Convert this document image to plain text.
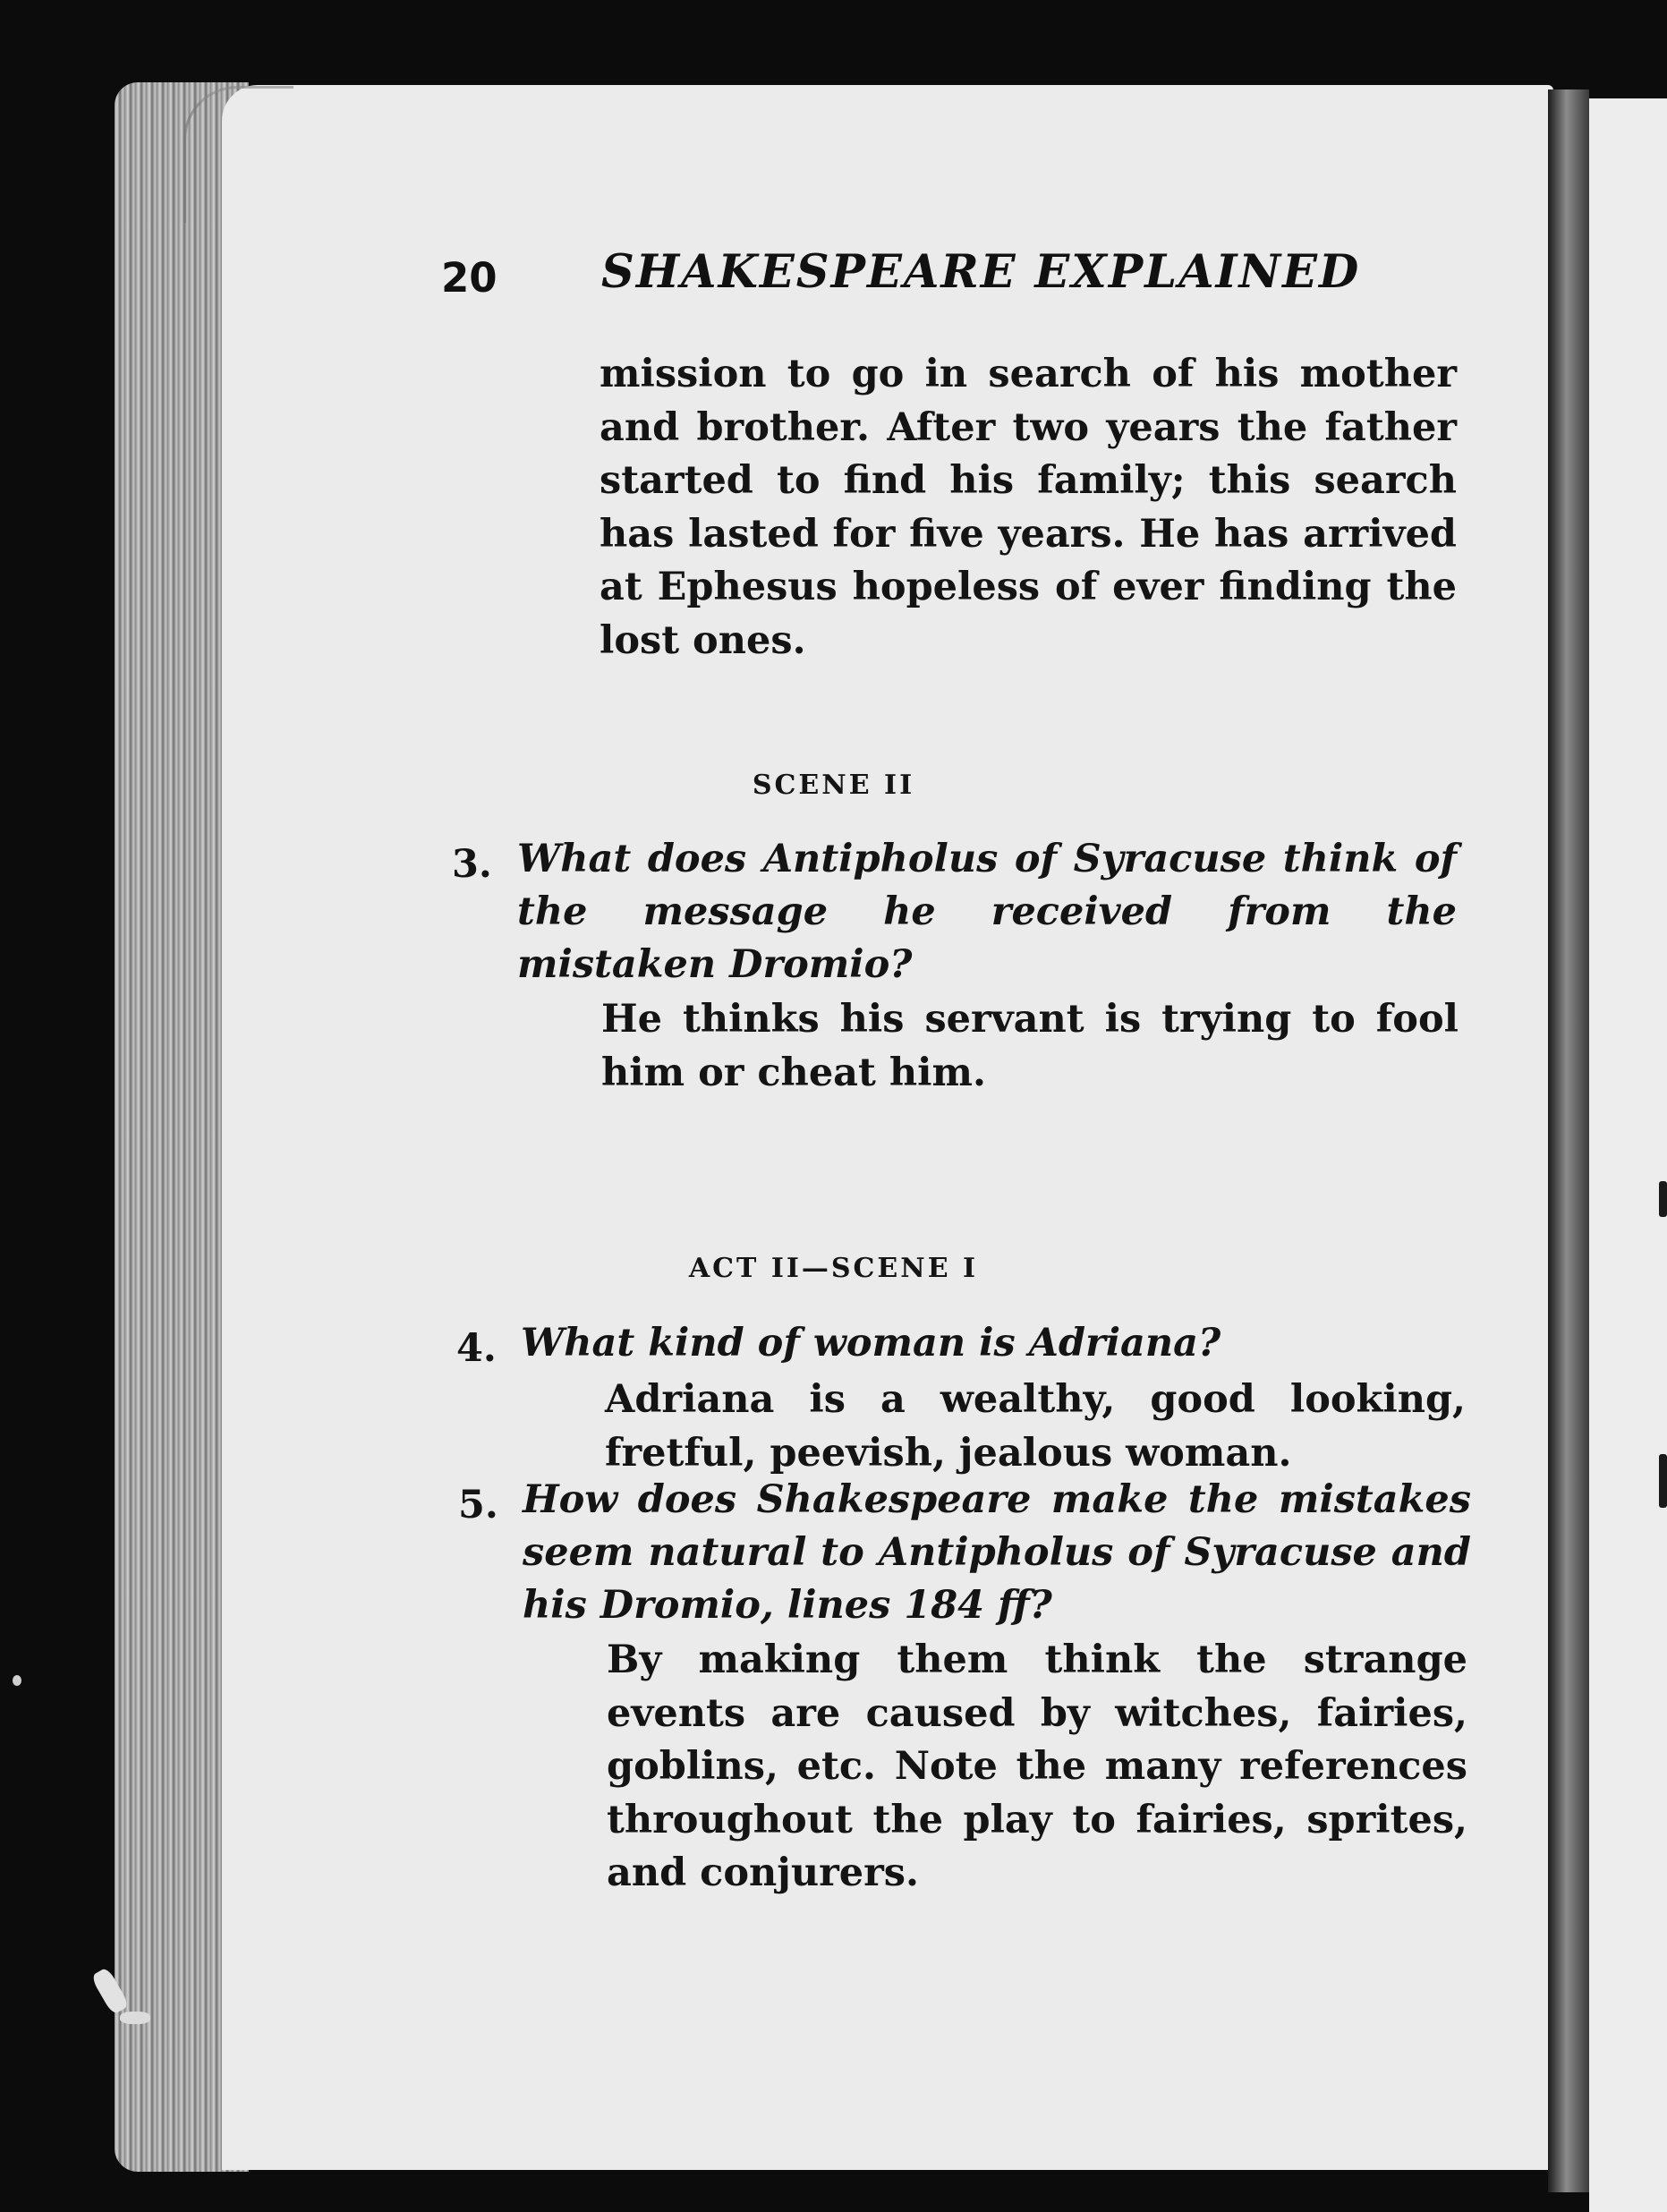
20 SHAKESPEARE EXPLAINED

mission to go in search of his mother and brother. After two years the father started to find his family; this search has lasted for five years. He has arrived at Ephesus hopeless of ever finding the lost ones.

SCENE II

3. What does Antipholus of Syracuse think of the message he received from the mistaken Dromio?

He thinks his servant is trying to fool him or cheat him.

ACT II—SCENE I

4. What kind of woman is Adriana?

Adriana is a wealthy, good looking, fretful, peevish, jealous woman.

5. How does Shakespeare make the mistakes seem natural to Antipholus of Syracuse and his Dromio, lines 184 ff?

By making them think the strange events are caused by witches, fairies, goblins, etc. Note the many references throughout the play to fairies, sprites, and conjurers.
